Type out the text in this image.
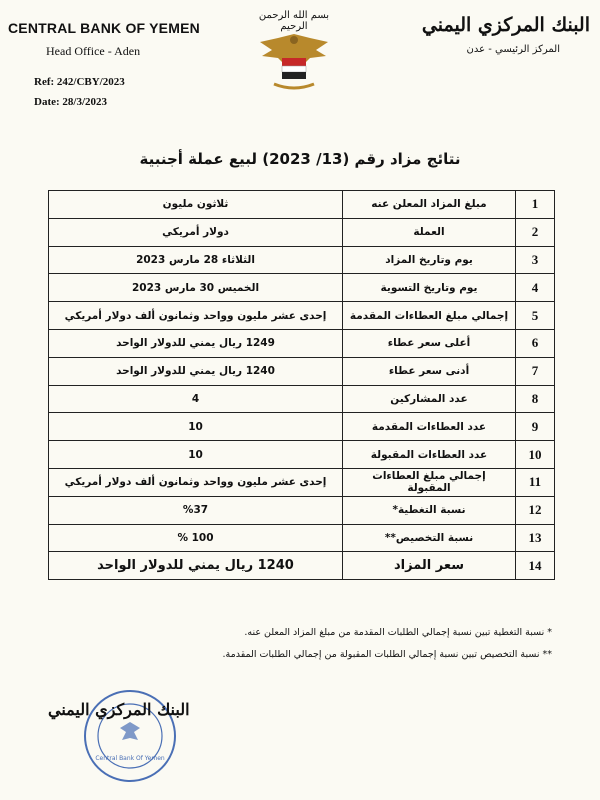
CENTRAL BANK OF YEMEN
Head Office - Aden
Ref: 242/CBY/2023
Date: 28/3/2023
البنك المركزي اليمني
المركز الرئيسي - عدن
بسم الله الرحمن الرحيم
نتائج مزاد رقم (13/ 2023) لبيع عملة أجنبية
1	مبلغ المزاد المعلن عنه	ثلاثون مليون
2	العملة	دولار أمريكي
3	يوم وتاريخ المزاد	الثلاثاء 28 مارس 2023
4	يوم وتاريخ التسوية	الخميس 30 مارس 2023
5	إجمالي مبلغ العطاءات المقدمة	إحدى عشر مليون وواحد وثمانون ألف دولار أمريكي
6	أعلى سعر عطاء	1249 ريال يمني للدولار الواحد
7	أدنى سعر عطاء	1240 ريال يمني للدولار الواحد
8	عدد المشاركين	4
9	عدد العطاءات المقدمة	10
10	عدد العطاءات المقبولة	10
11	إجمالي مبلغ العطاءات المقبولة	إحدى عشر مليون وواحد وثمانون ألف دولار أمريكي
12	نسبة التغطية*	%37
13	نسبة التخصيص**	100 %
14	سعر المزاد	1240 ريال يمني للدولار الواحد
* نسبة التغطية تبين نسبة إجمالي الطلبات المقدمة من مبلغ المزاد المعلن عنه.
** نسبة التخصيص تبين نسبة إجمالي الطلبات المقبولة من إجمالي الطلبات المقدمة.
Central Bank Of Yemen
البنك المركزي اليمني
